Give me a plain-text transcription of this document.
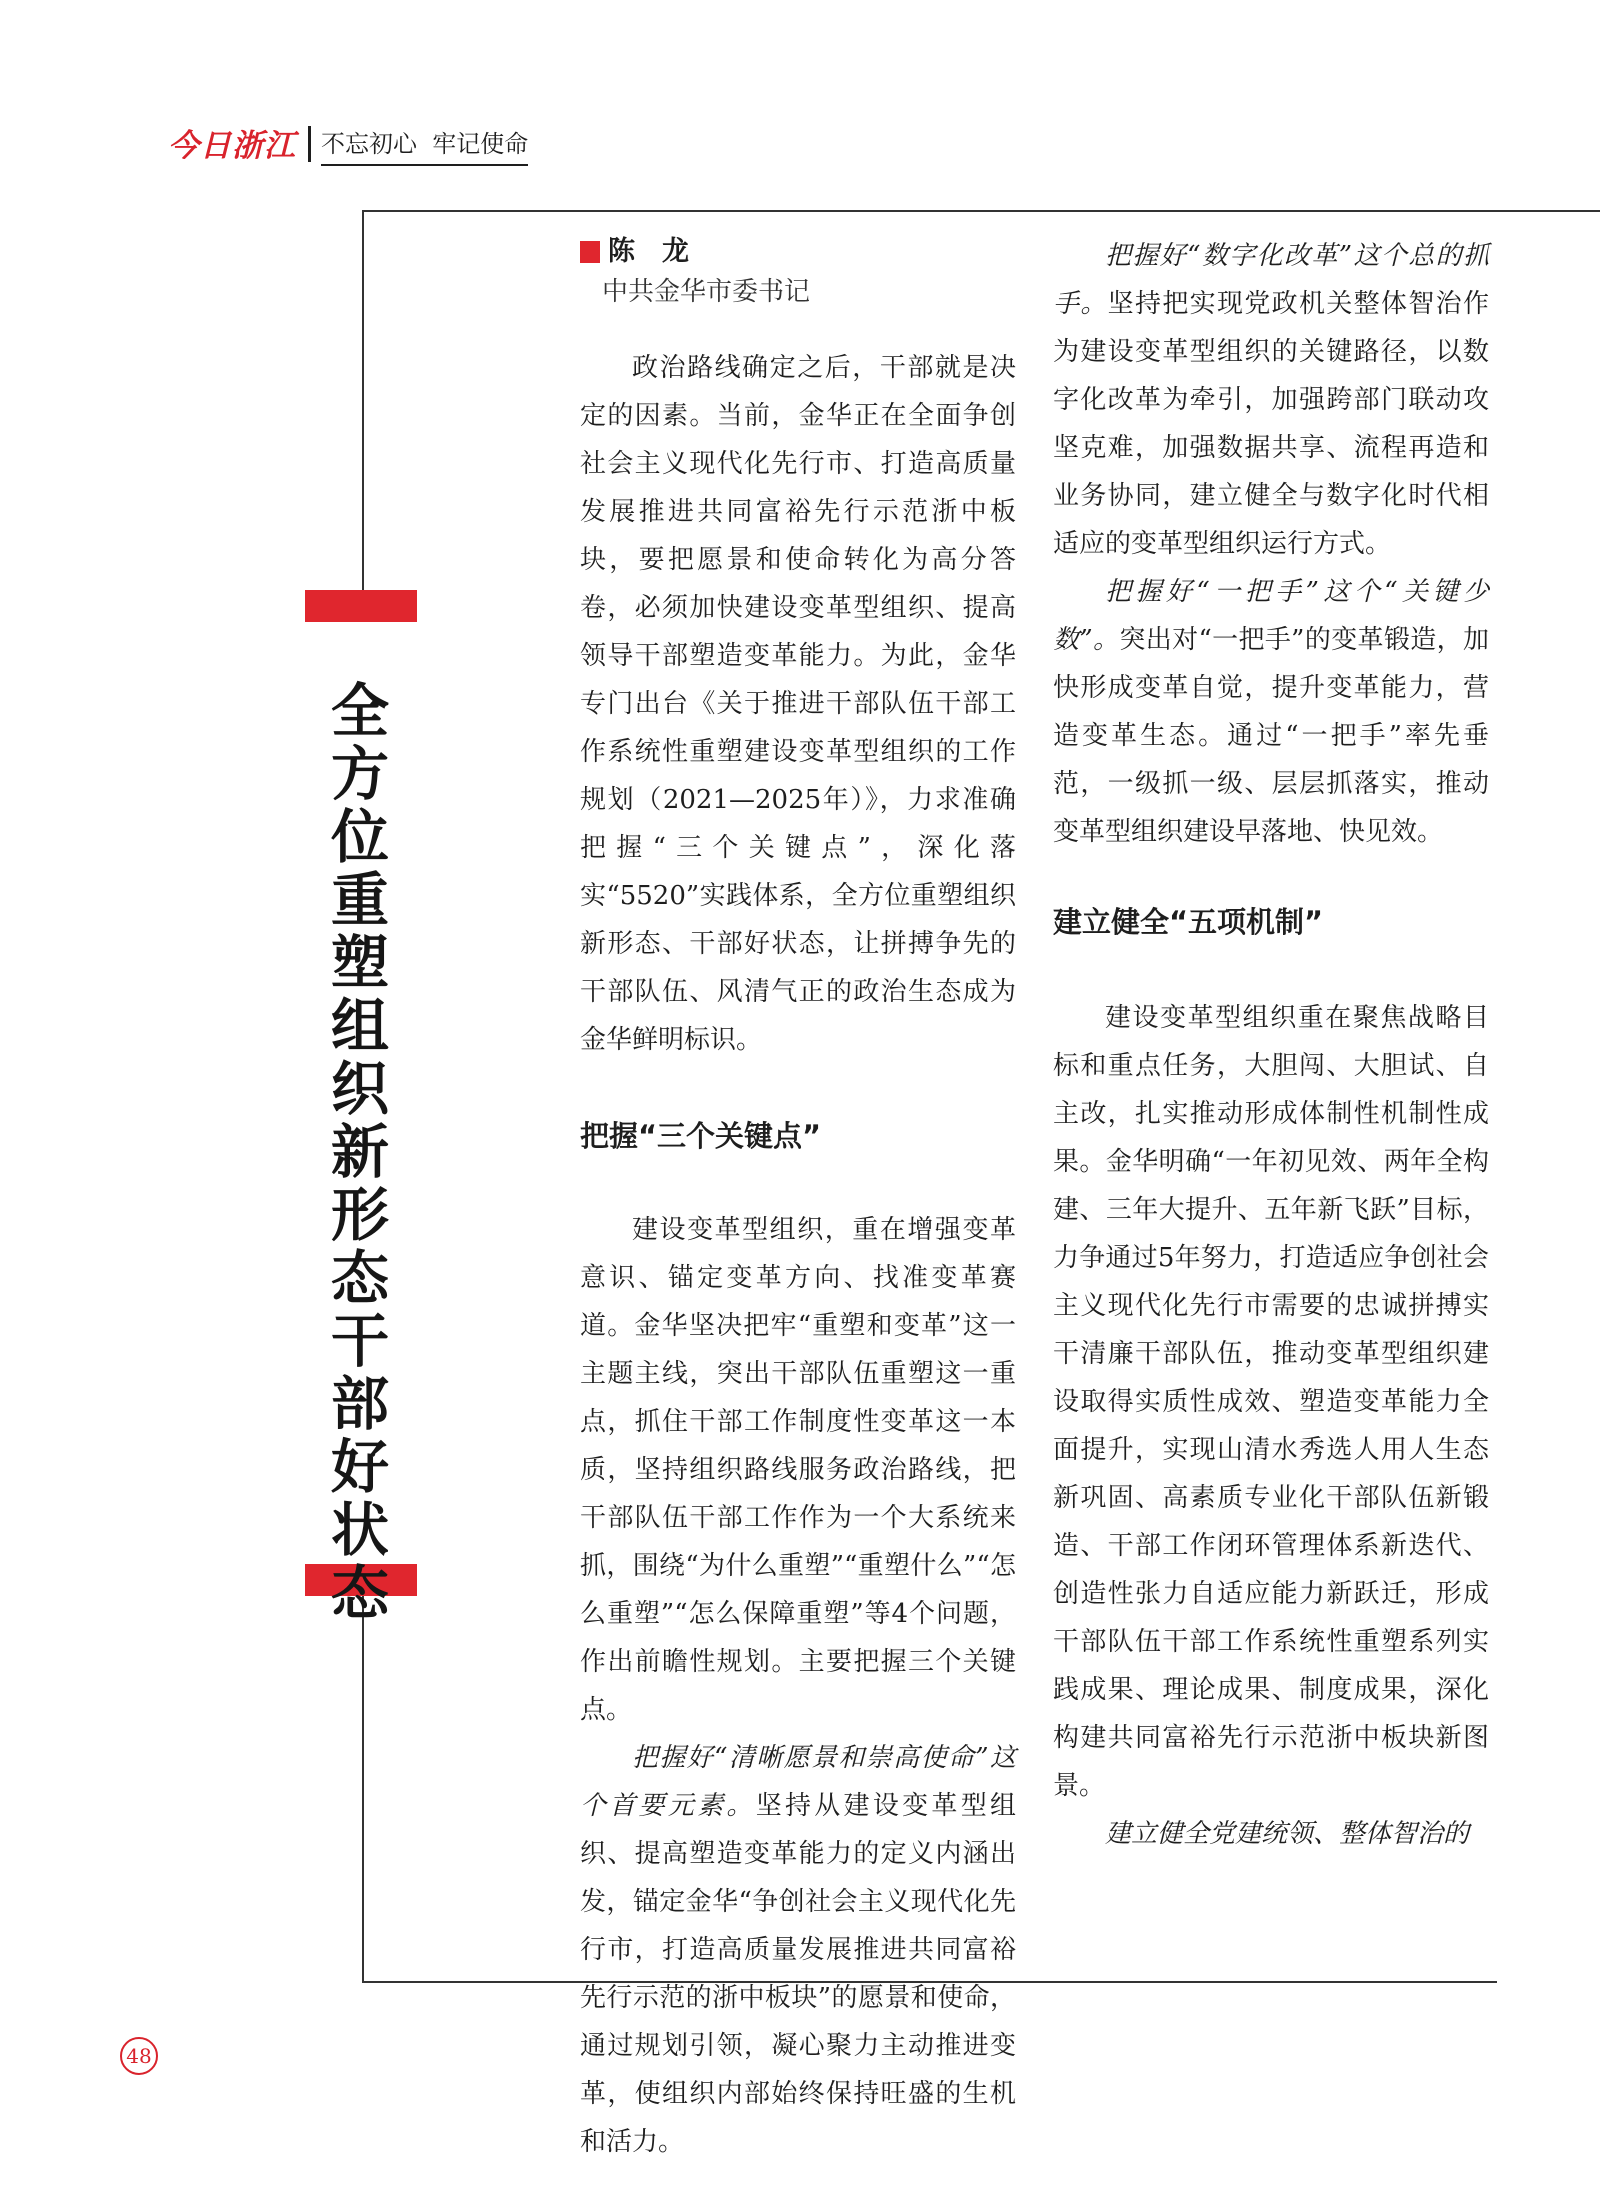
今日浙江	不忘初心  牢记使命
全方位重塑组织新形态干部好状态
陈　龙
中共金华市委书记

政治路线确定之后，干部就是决定的因素。当前，金华正在全面争创社会主义现代化先行市、打造高质量发展推进共同富裕先行示范浙中板块，要把愿景和使命转化为高分答卷，必须加快建设变革型组织、提高领导干部塑造变革能力。为此，金华专门出台《关于推进干部队伍干部工作系统性重塑建设变革型组织的工作规划（2021—2025年）》，力求准确把握“三个关键点”，深化落实“5520”实践体系，全方位重塑组织新形态、干部好状态，让拼搏争先的干部队伍、风清气正的政治生态成为金华鲜明标识。

把握“三个关键点”

建设变革型组织，重在增强变革意识、锚定变革方向、找准变革赛道。金华坚决把牢“重塑和变革”这一主题主线，突出干部队伍重塑这一重点，抓住干部工作制度性变革这一本质，坚持组织路线服务政治路线，把干部队伍干部工作作为一个大系统来抓，围绕“为什么重塑”“重塑什么”“怎么重塑”“怎么保障重塑”等4个问题，作出前瞻性规划。主要把握三个关键点。

把握好“清晰愿景和崇高使命”这个首要元素。坚持从建设变革型组织、提高塑造变革能力的定义内涵出发，锚定金华“争创社会主义现代化先行市，打造高质量发展推进共同富裕先行示范的浙中板块”的愿景和使命，通过规划引领，凝心聚力主动推进变革，使组织内部始终保持旺盛的生机和活力。

把握好“数字化改革”这个总的抓手。坚持把实现党政机关整体智治作为建设变革型组织的关键路径，以数字化改革为牵引，加强跨部门联动攻坚克难，加强数据共享、流程再造和业务协同，建立健全与数字化时代相适应的变革型组织运行方式。

把握好“一把手”这个“关键少数”。突出对“一把手”的变革锻造，加快形成变革自觉，提升变革能力，营造变革生态。通过“一把手”率先垂范，一级抓一级、层层抓落实，推动变革型组织建设早落地、快见效。

建立健全“五项机制”

建设变革型组织重在聚焦战略目标和重点任务，大胆闯、大胆试、自主改，扎实推动形成体制性机制性成果。金华明确“一年初见效、两年全构建、三年大提升、五年新飞跃”目标，力争通过5年努力，打造适应争创社会主义现代化先行市需要的忠诚拼搏实干清廉干部队伍，推动变革型组织建设取得实质性成效、塑造变革能力全面提升，实现山清水秀选人用人生态新巩固、高素质专业化干部队伍新锻造、干部工作闭环管理体系新迭代、创造性张力自适应能力新跃迁，形成干部队伍干部工作系统性重塑系列实践成果、理论成果、制度成果，深化构建共同富裕先行示范浙中板块新图景。

建立健全党建统领、整体智治的

48
